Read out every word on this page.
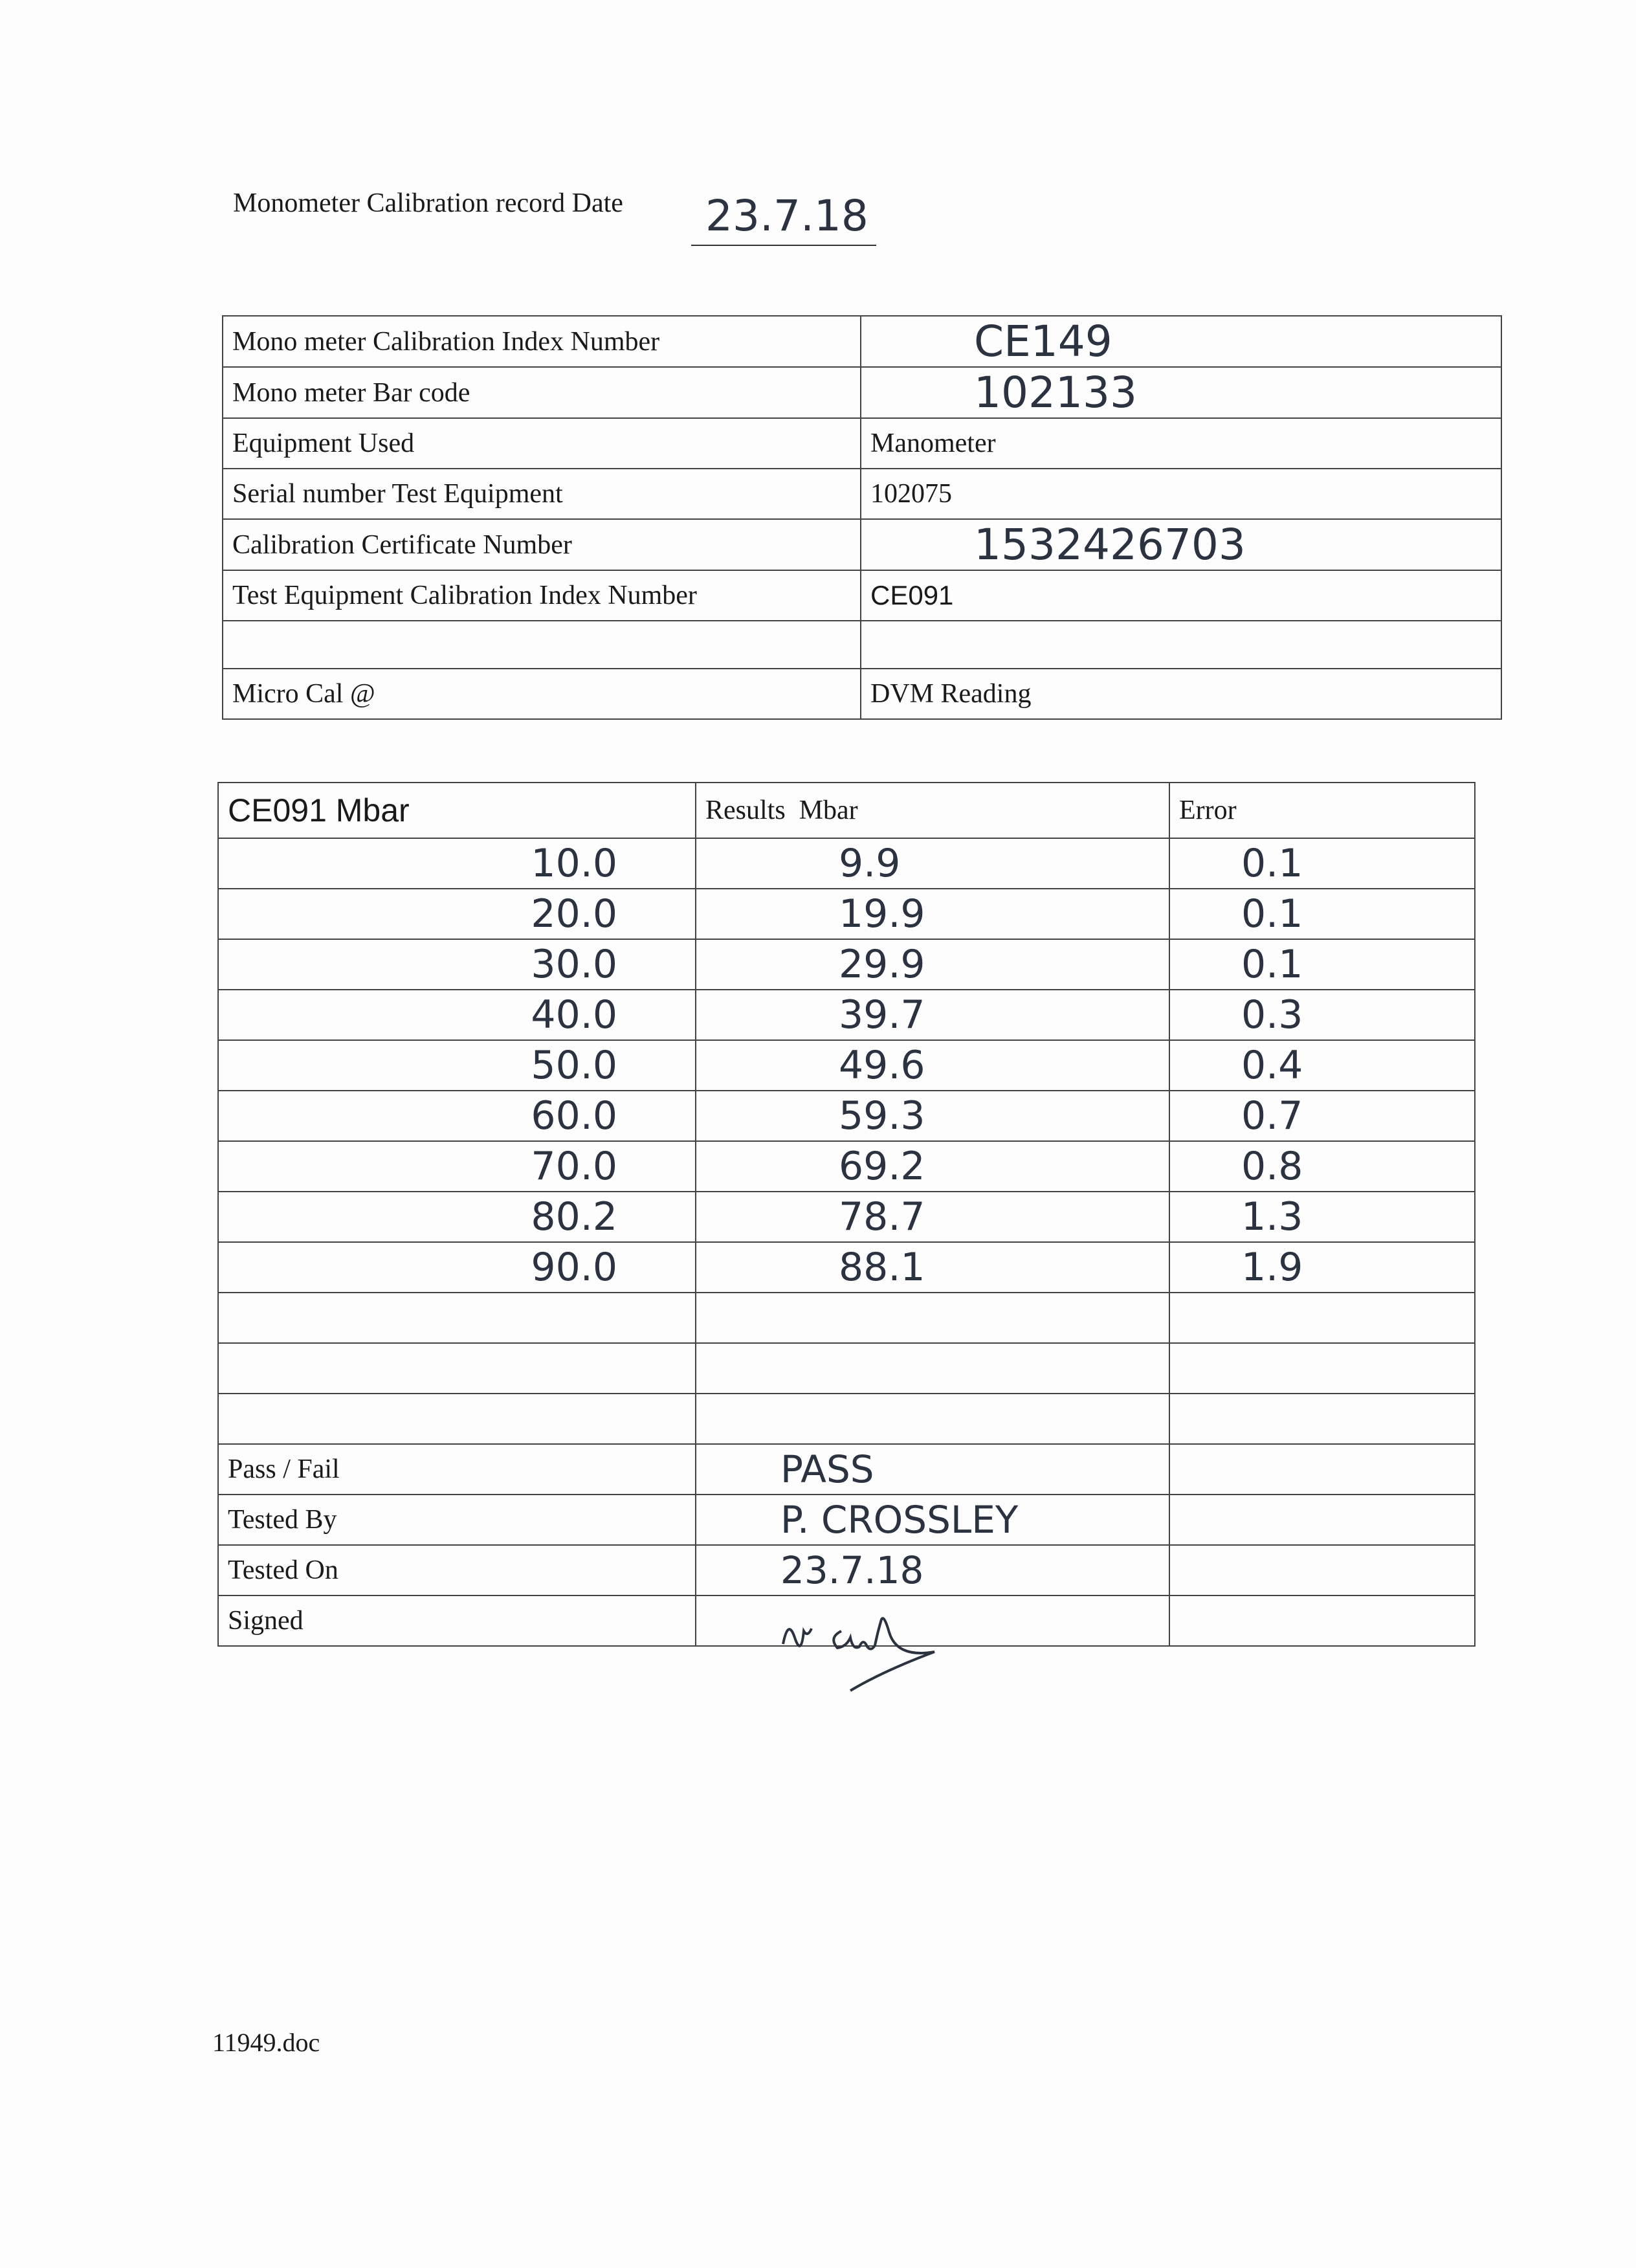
Monometer Calibration record Date 23.7.18
Mono meter Calibration Index Number	CE149
Mono meter Bar code	102133
Equipment Used	Manometer
Serial number Test Equipment	102075
Calibration Certificate Number	1532426703
Test Equipment Calibration Index Number	CE091

Micro Cal @	DVM Reading
CE091 Mbar	Results  Mbar	Error
10.0	9.9	0.1
20.0	19.9	0.1
30.0	29.9	0.1
40.0	39.7	0.3
50.0	49.6	0.4
60.0	59.3	0.7
70.0	69.2	0.8
80.2	78.7	1.3
90.0	88.1	1.9

Pass / Fail	PASS	
Tested By	P. CROSSLEY	
Tested On	23.7.18	
Signed		
11949.doc
